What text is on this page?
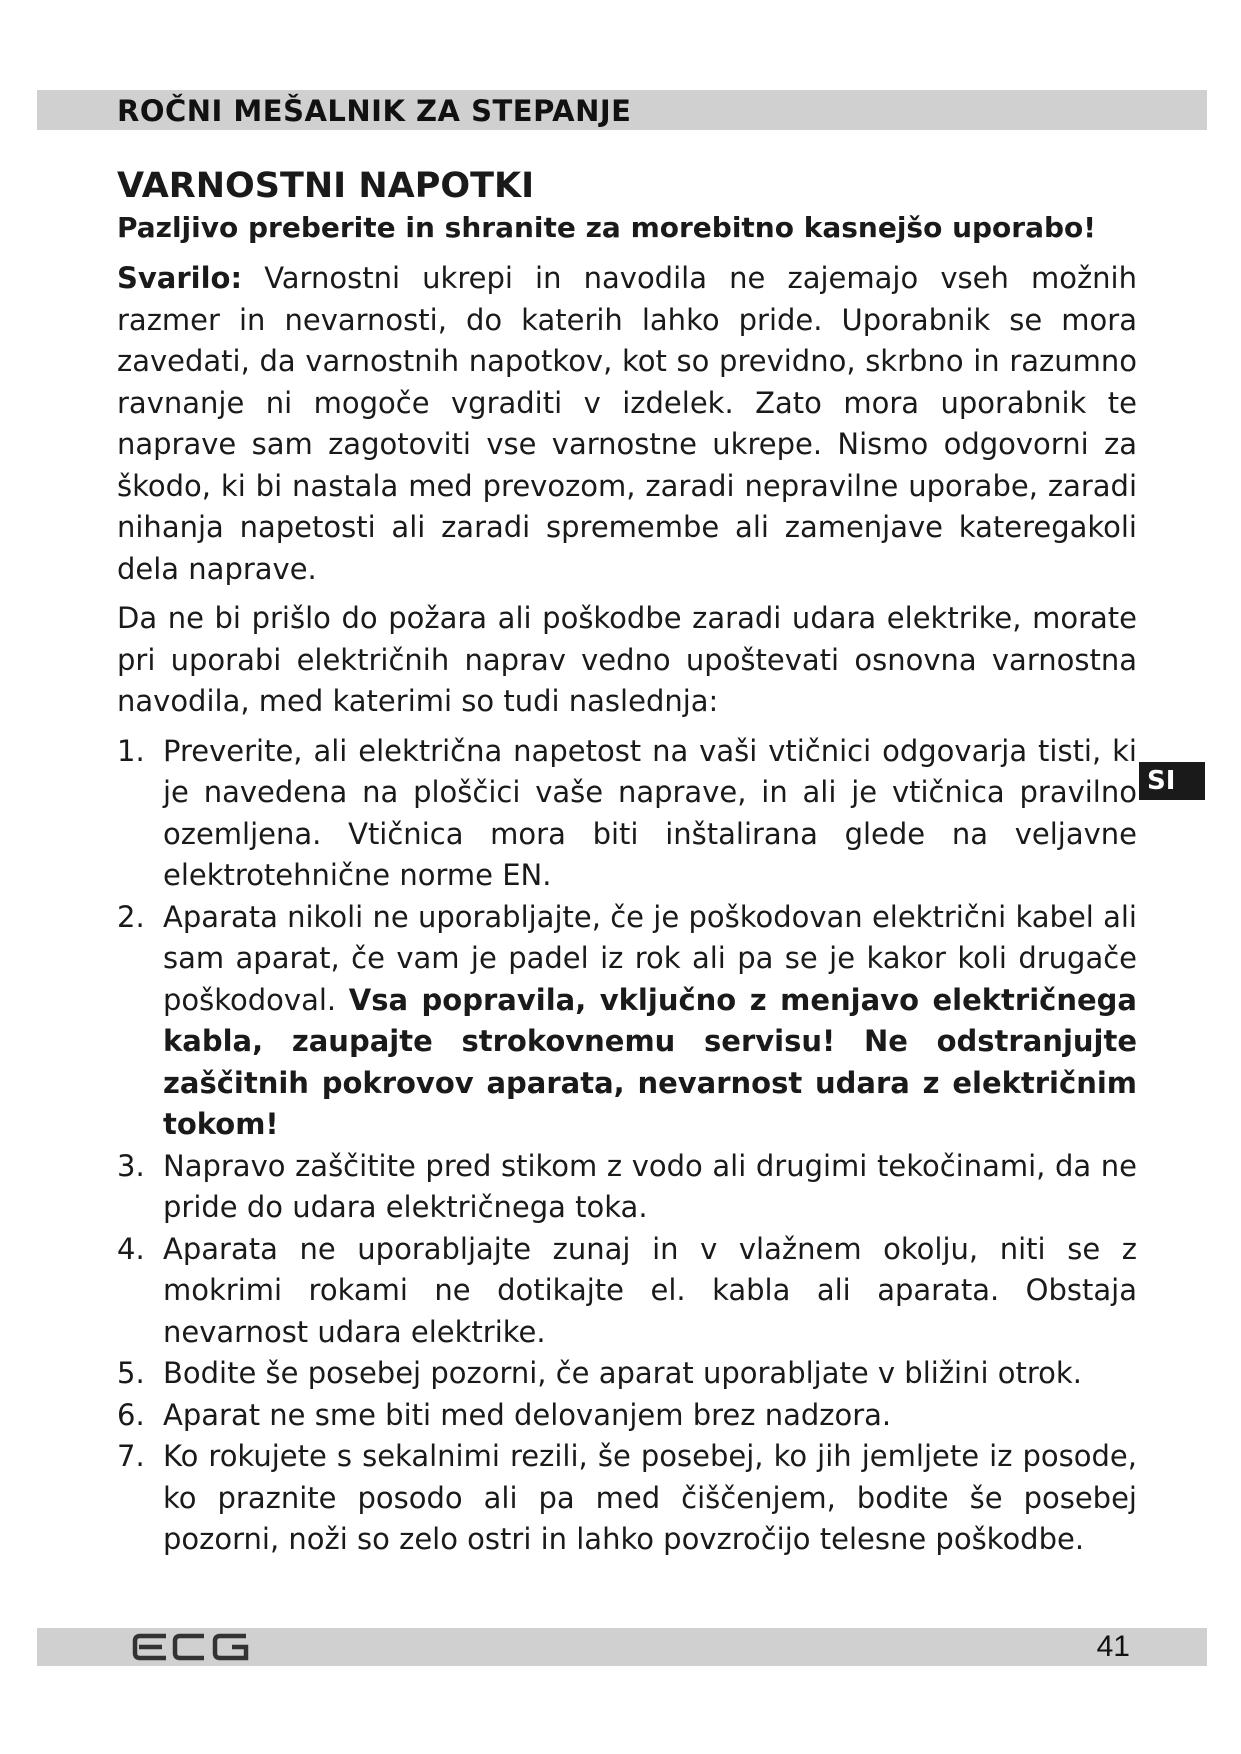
ROČNI MEŠALNIK ZA STEPANJE
VARNOSTNI NAPOTKI

Pazljivo preberite in shranite za morebitno kasnejšo uporabo!

Svarilo: Varnostni ukrepi in navodila ne zajemajo vseh možnih razmer in nevarnosti, do katerih lahko pride. Uporabnik se mora zavedati, da varnostnih napotkov, kot so previdno, skrbno in razumno ravnanje ni mogoče vgraditi v izdelek. Zato mora uporabnik te naprave sam zagotoviti vse varnostne ukrepe. Nismo odgovorni za škodo, ki bi nastala med prevozom, zaradi nepravilne uporabe, zaradi nihanja napetosti ali zaradi spremembe ali zamenjave kateregakoli dela naprave.

Da ne bi prišlo do požara ali poškodbe zaradi udara elektrike, morate pri uporabi električnih naprav vedno upoštevati osnovna varnostna navodila, med katerimi so tudi naslednja:

1. Preverite, ali električna napetost na vaši vtičnici odgovarja tisti, ki je navedena na ploščici vaše naprave, in ali je vtičnica pravilno ozemljena. Vtičnica mora biti inštalirana glede na veljavne elektrotehnične norme EN.
2. Aparata nikoli ne uporabljajte, če je poškodovan električni kabel ali sam aparat, če vam je padel iz rok ali pa se je kakor koli drugače poškodoval. Vsa popravila, vključno z menjavo električnega kabla, zaupajte strokovnemu servisu! Ne odstranjujte zaščitnih pokrovov aparata, nevarnost udara z električnim tokom!
3. Napravo zaščitite pred stikom z vodo ali drugimi tekočinami, da ne pride do udara električnega toka.
4. Aparata ne uporabljajte zunaj in v vlažnem okolju, niti se z mokrimi rokami ne dotikajte el. kabla ali aparata. Obstaja nevarnost udara elektrike.
5. Bodite še posebej pozorni, če aparat uporabljate v bližini otrok.
6. Aparat ne sme biti med delovanjem brez nadzora.
7. Ko rokujete s sekalnimi rezili, še posebej, ko jih jemljete iz posode, ko praznite posodo ali pa med čiščenjem, bodite še posebej pozorni, noži so zelo ostri in lahko povzročijo telesne poškodbe.
SI
41
